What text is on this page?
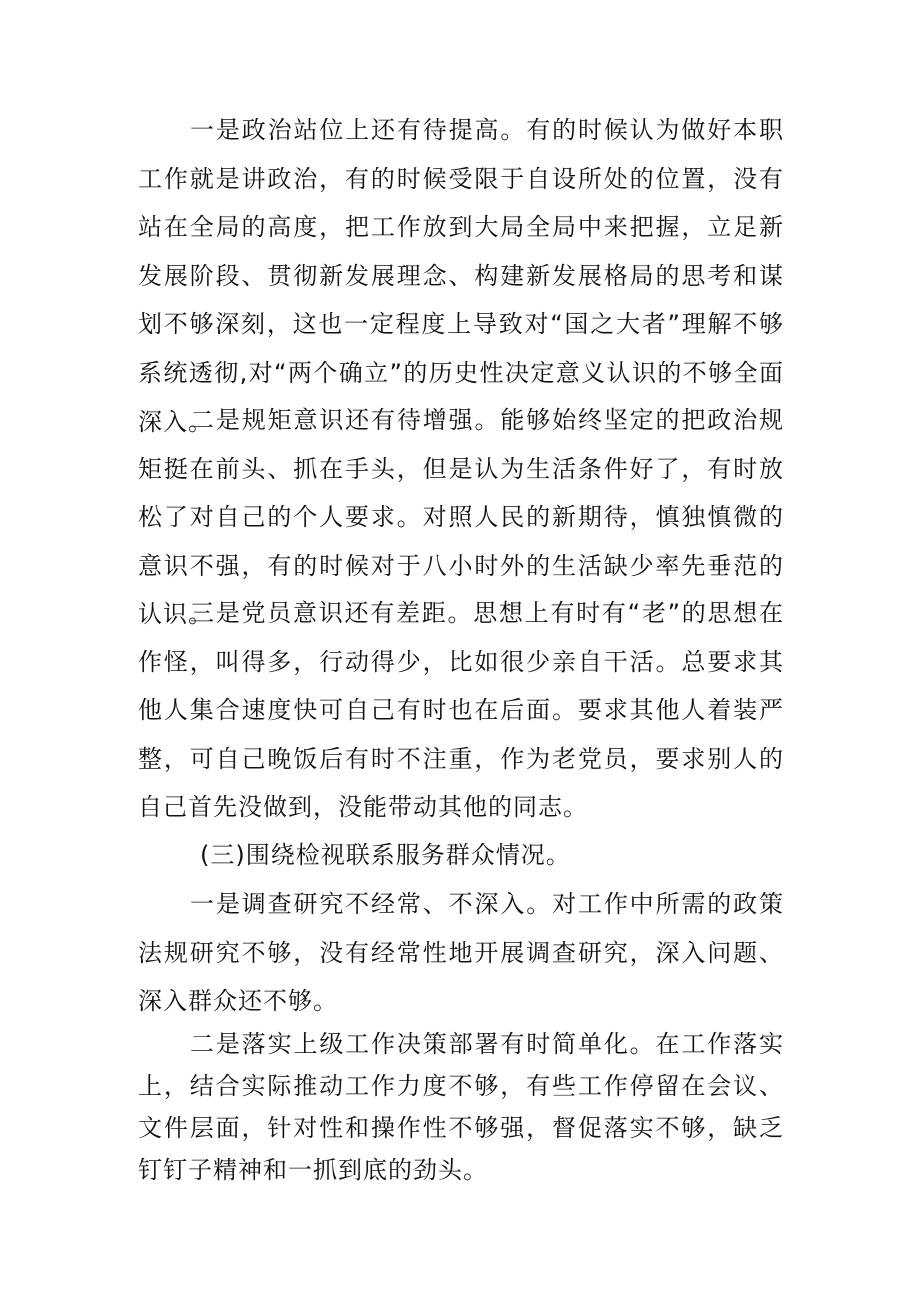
一是政治站位上还有待提高。有的时候认为做好本职工作就是讲政治，有的时候受限于自设所处的位置，没有站在全局的高度，把工作放到大局全局中来把握，立足新发展阶段、贯彻新发展理念、构建新发展格局的思考和谋划不够深刻，这也一定程度上导致对“国之大者”理解不够系统透彻,对“两个确立”的历史性决定意义认识的不够全面深入。

二是规矩意识还有待增强。能够始终坚定的把政治规矩挺在前头、抓在手头，但是认为生活条件好了，有时放松了对自己的个人要求。对照人民的新期待，慎独慎微的意识不强，有的时候对于八小时外的生活缺少率先垂范的认识。

三是党员意识还有差距。思想上有时有“老”的思想在作怪，叫得多，行动得少，比如很少亲自干活。总要求其他人集合速度快可自己有时也在后面。要求其他人着装严整，可自己晚饭后有时不注重，作为老党员，要求别人的自己首先没做到，没能带动其他的同志。

(三)围绕检视联系服务群众情况。

一是调查研究不经常、不深入。对工作中所需的政策法规研究不够，没有经常性地开展调查研究，深入问题、深入群众还不够。

二是落实上级工作决策部署有时简单化。在工作落实上，结合实际推动工作力度不够，有些工作停留在会议、文件层面，针对性和操作性不够强，督促落实不够，缺乏钉钉子精神和一抓到底的劲头。
